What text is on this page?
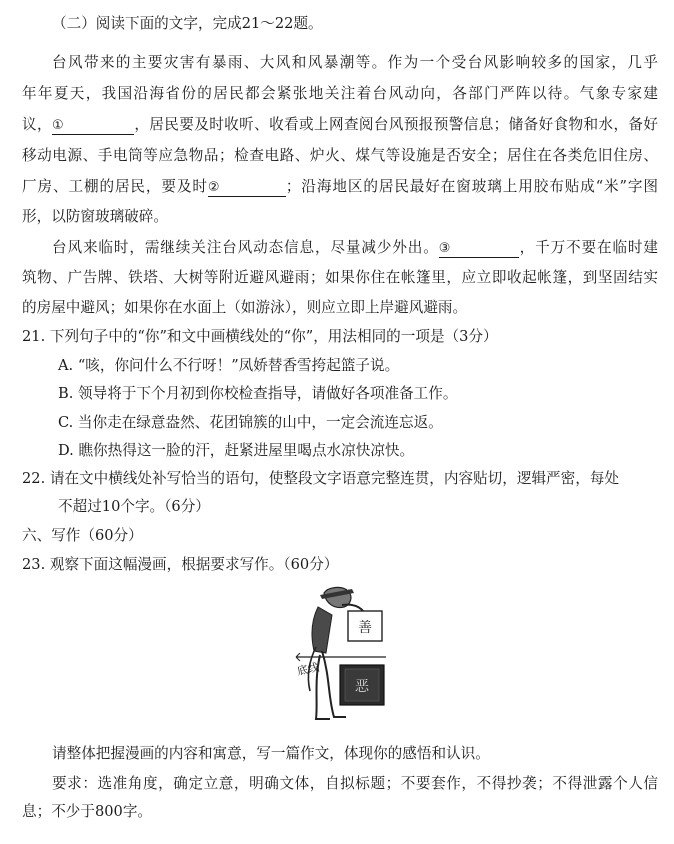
（二）阅读下面的文字，完成21～22题。
台风带来的主要灾害有暴雨、大风和风暴潮等。作为一个受台风影响较多的国家，几乎
年年夏天，我国沿海省份的居民都会紧张地关注着台风动向，各部门严阵以待。气象专家建
议，①	，居民要及时收听、收看或上网查阅台风预报预警信息；储备好食物和水，备好
移动电源、手电筒等应急物品；检查电路、炉火、煤气等设施是否安全；居住在各类危旧住房、
厂房、工棚的居民，要及时②	；沿海地区的居民最好在窗玻璃上用胶布贴成“米”字图
形，以防窗玻璃破碎。
台风来临时，需继续关注台风动态信息，尽量减少外出。③	，千万不要在临时建
筑物、广告牌、铁塔、大树等附近避风避雨；如果你住在帐篷里，应立即收起帐篷，到坚固结实
的房屋中避风；如果你在水面上（如游泳），则应立即上岸避风避雨。
21. 下列句子中的“你”和文中画横线处的“你”，用法相同的一项是（3分）
A. “咳，你问什么不行呀！”凤娇替香雪挎起篮子说。
B. 领导将于下个月初到你校检查指导，请做好各项准备工作。
C. 当你走在绿意盎然、花团锦簇的山中，一定会流连忘返。
D. 瞧你热得这一脸的汗，赶紧进屋里喝点水凉快凉快。
22. 请在文中横线处补写恰当的语句，使整段文字语意完整连贯，内容贴切，逻辑严密，每处
不超过10个字。（6分）
六、写作（60分）
23. 观察下面这幅漫画，根据要求写作。（60分）
善
底线
恶
请整体把握漫画的内容和寓意，写一篇作文，体现你的感悟和认识。
要求：选准角度，确定立意，明确文体，自拟标题；不要套作，不得抄袭；不得泄露个人信
息；不少于800字。
